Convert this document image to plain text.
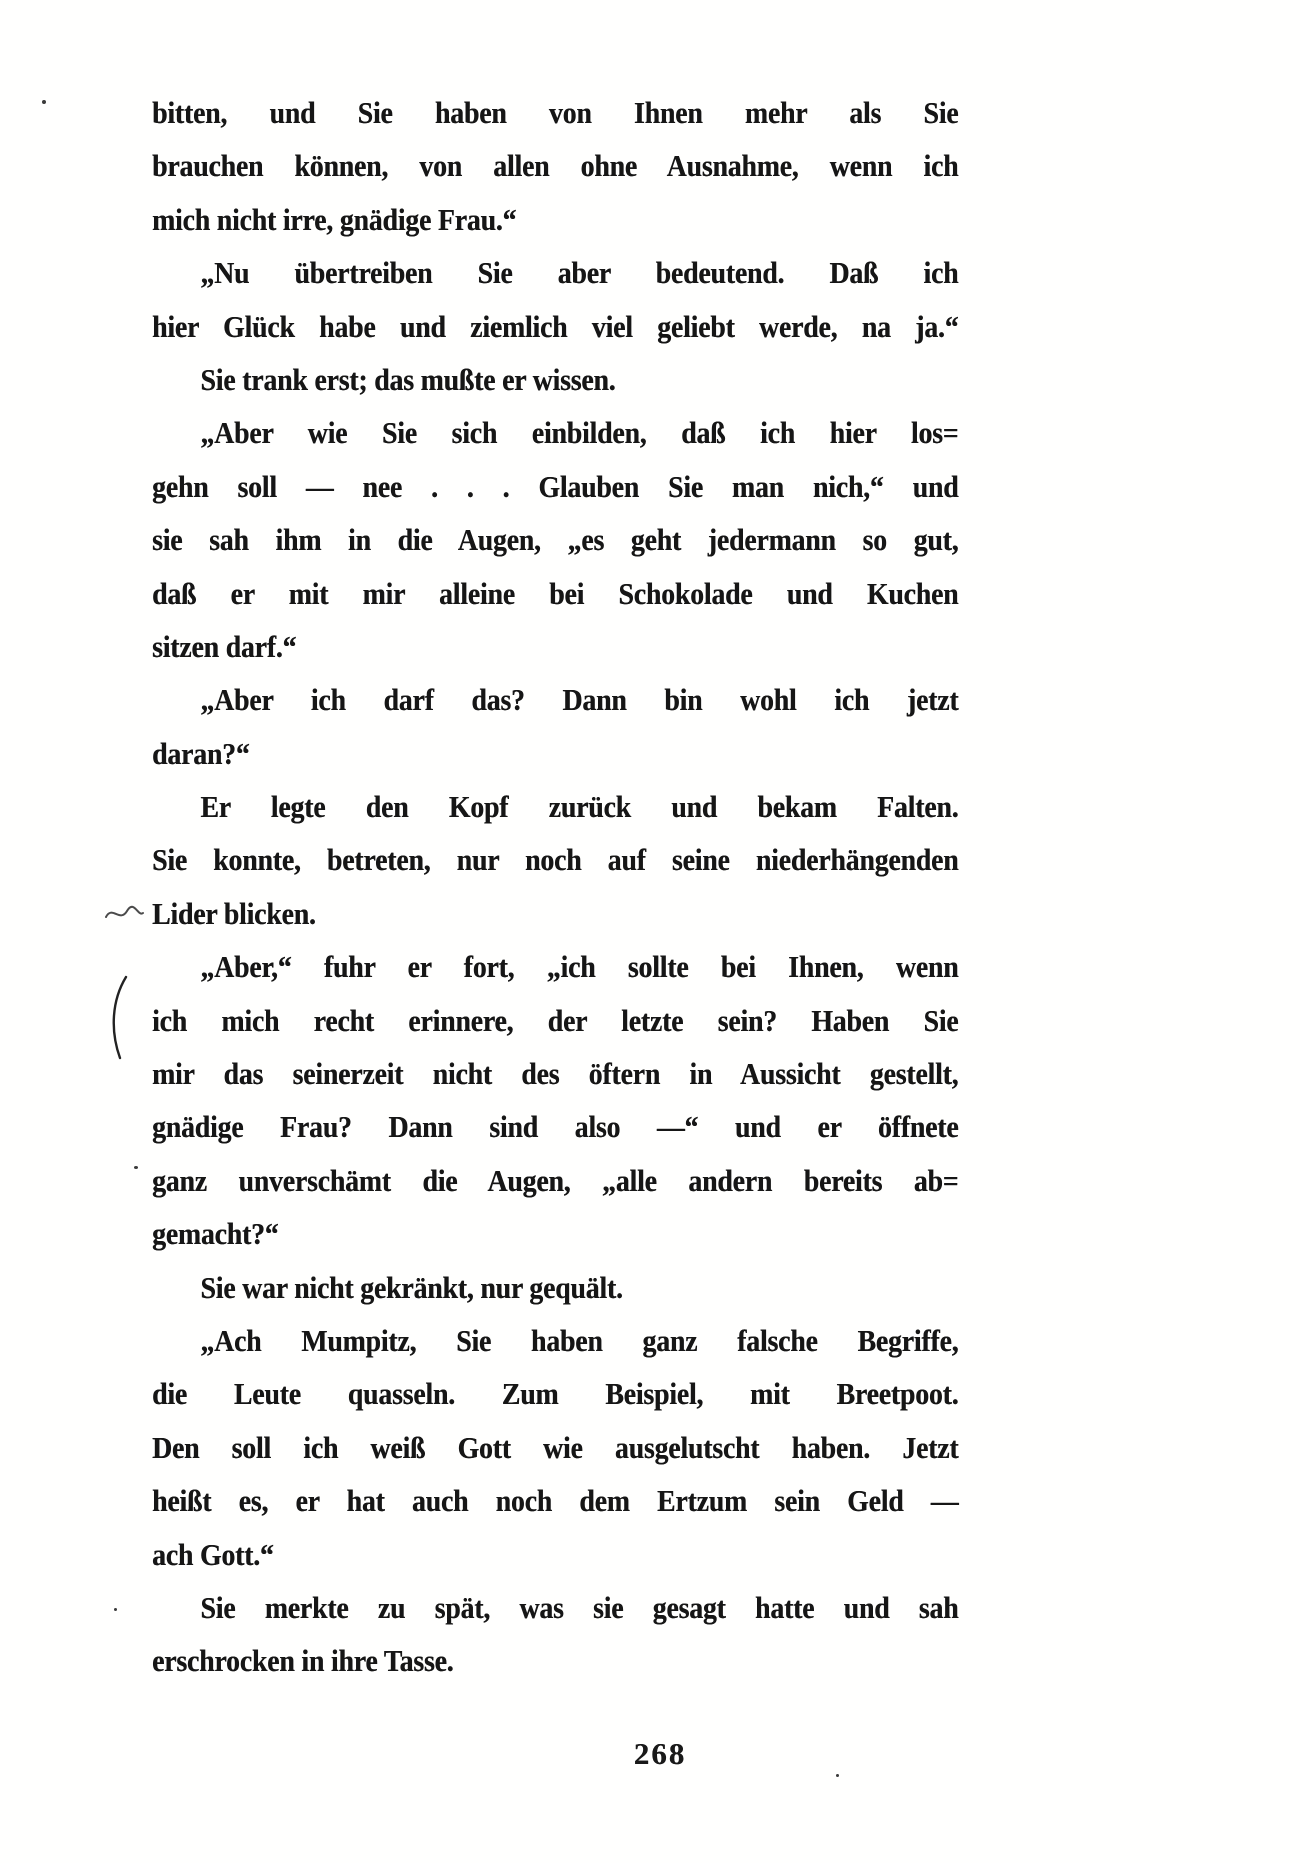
bitten, und Sie haben von Ihnen mehr als Sie
brauchen können, von allen ohne Ausnahme, wenn ich
mich nicht irre, gnädige Frau.“
„Nu übertreiben Sie aber bedeutend. Daß ich
hier Glück habe und ziemlich viel geliebt werde, na ja.“
Sie trank erst; das mußte er wissen.
„Aber wie Sie sich einbilden, daß ich hier los=
gehn soll — nee . . . Glauben Sie man nich,“ und
sie sah ihm in die Augen, „es geht jedermann so gut,
daß er mit mir alleine bei Schokolade und Kuchen
sitzen darf.“
„Aber ich darf das? Dann bin wohl ich jetzt
daran?“
Er legte den Kopf zurück und bekam Falten.
Sie konnte, betreten, nur noch auf seine niederhängenden
Lider blicken.
„Aber,“ fuhr er fort, „ich sollte bei Ihnen, wenn
ich mich recht erinnere, der letzte sein? Haben Sie
mir das seinerzeit nicht des öftern in Aussicht gestellt,
gnädige Frau? Dann sind also —“ und er öffnete
ganz unverschämt die Augen, „alle andern bereits ab=
gemacht?“
Sie war nicht gekränkt, nur gequält.
„Ach Mumpitz, Sie haben ganz falsche Begriffe,
die Leute quasseln. Zum Beispiel, mit Breetpoot.
Den soll ich weiß Gott wie ausgelutscht haben. Jetzt
heißt es, er hat auch noch dem Ertzum sein Geld —
ach Gott.“
Sie merkte zu spät, was sie gesagt hatte und sah
erschrocken in ihre Tasse.
268
